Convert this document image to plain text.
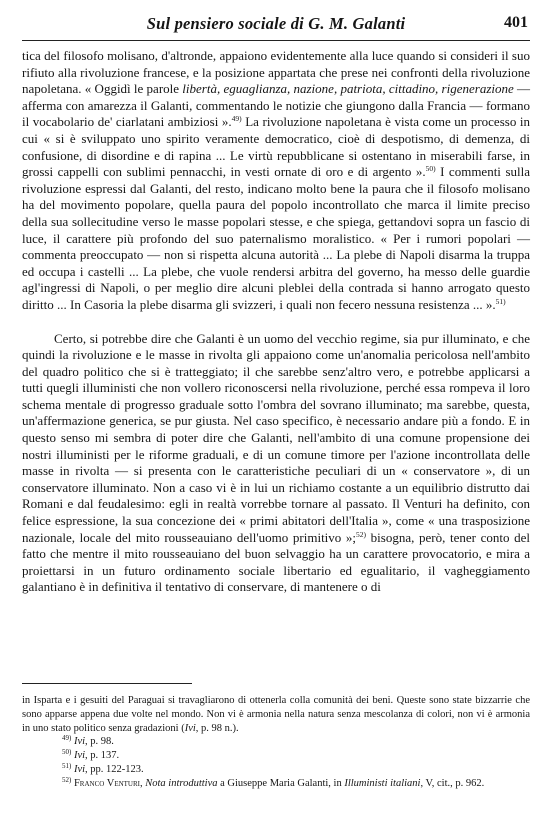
Sul pensiero sociale di G. M. Galanti	401

tica del filosofo molisano, d'altronde, appaiono evidentemente alla luce quando si consideri il suo rifiuto alla rivoluzione francese, e la posizione appartata che prese nei confronti della rivoluzione napoletana. « Oggidì le parole libertà, eguaglianza, nazione, patriota, cittadino, rigenerazione — afferma con amarezza il Galanti, commentando le notizie che giungono dalla Francia — formano il vocabolario de' ciarlatani ambiziosi ».$^{49)}$ La rivoluzione napoletana è vista come un processo in cui « si è sviluppato uno spirito veramente democratico, cioè di despotismo, di demenza, di confusione, di disordine e di rapina ... Le virtù repubblicane si ostentano in miserabili farse, in grossi cappelli con sublimi pennacchi, in vesti ornate di oro e di argento ».$^{50)}$ I commenti sulla rivoluzione espressi dal Galanti, del resto, indicano molto bene la paura che il filosofo molisano ha del movimento popolare, quella paura del popolo incontrollato che marca il limite preciso della sua sollecitudine verso le masse popolari stesse, e che spiega, gettandovi sopra un fascio di luce, il carattere più profondo del suo paternalismo moralistico. « Per i rumori popolari — commenta preoccupato — non si rispetta alcuna autorità ... La plebe di Napoli disarma la truppa ed occupa i castelli ... La plebe, che vuole rendersi arbitra del governo, ha messo delle guardie agl'ingressi di Napoli, o per meglio dire alcuni pleblei della contrada si hanno arrogato questo diritto ... In Casoria la plebe disarma gli svizzeri, i quali non fecero nessuna resistenza ... ».$^{51)}$

Certo, si potrebbe dire che Galanti è un uomo del vecchio regime, sia pur illuminato, e che quindi la rivoluzione e le masse in rivolta gli appaiono come un'anomalia pericolosa nell'ambito del quadro politico che si è tratteggiato; il che sarebbe senz'altro vero, e potrebbe applicarsi a tutti quegli illuministi che non vollero riconoscersi nella rivoluzione, perché essa rompeva il loro schema mentale di progresso graduale sotto l'ombra del sovrano illuminato; ma sarebbe, questa, un'affermazione generica, se pur giusta. Nel caso specifico, è necessario andare più a fondo. E in questo senso mi sembra di poter dire che Galanti, nell'ambito di una comune propensione dei nostri illuministi per le riforme graduali, e di un comune timore per l'azione incontrollata delle masse in rivolta — si presenta con le caratteristiche peculiari di un « conservatore », di un conservatore illuminato. Non a caso vi è in lui un richiamo costante a un equilibrio distrutto dai Romani e dal feudalesimo: egli in realtà vorrebbe tornare al passato. Il Venturi ha definito, con felice espressione, la sua concezione dei « primi abitatori dell'Italia », come « una trasposizione nazionale, locale del mito rousseauiano dell'uomo primitivo »;$^{52)}$ bisogna, però, tener conto del fatto che mentre il mito rousseauiano del buon selvaggio ha un carattere provocatorio, e mira a proiettarsi in un futuro ordinamento sociale libertario ed egualitario, il vagheggiamento galantiano è in definitiva il tentativo di conservare, di mantenere o di

in Isparta e i gesuiti del Paraguai si travagliarono di ottenerla colla comunità dei beni. Queste sono state bizzarrie che sono apparse appena due volte nel mondo. Non vi è armonia nella natura senza mescolanza di colori, non vi è armonia in uno stato politico senza gradazioni (Ivi, p. 98 n.).

$^{49)}$ Ivi, p. 98.

$^{50)}$ Ivi, p. 137.

$^{51)}$ Ivi, pp. 122-123.

$^{52)}$ Franco Venturi, Nota introduttiva a Giuseppe Maria Galanti, in Illuministi italiani, V, cit., p. 962.
